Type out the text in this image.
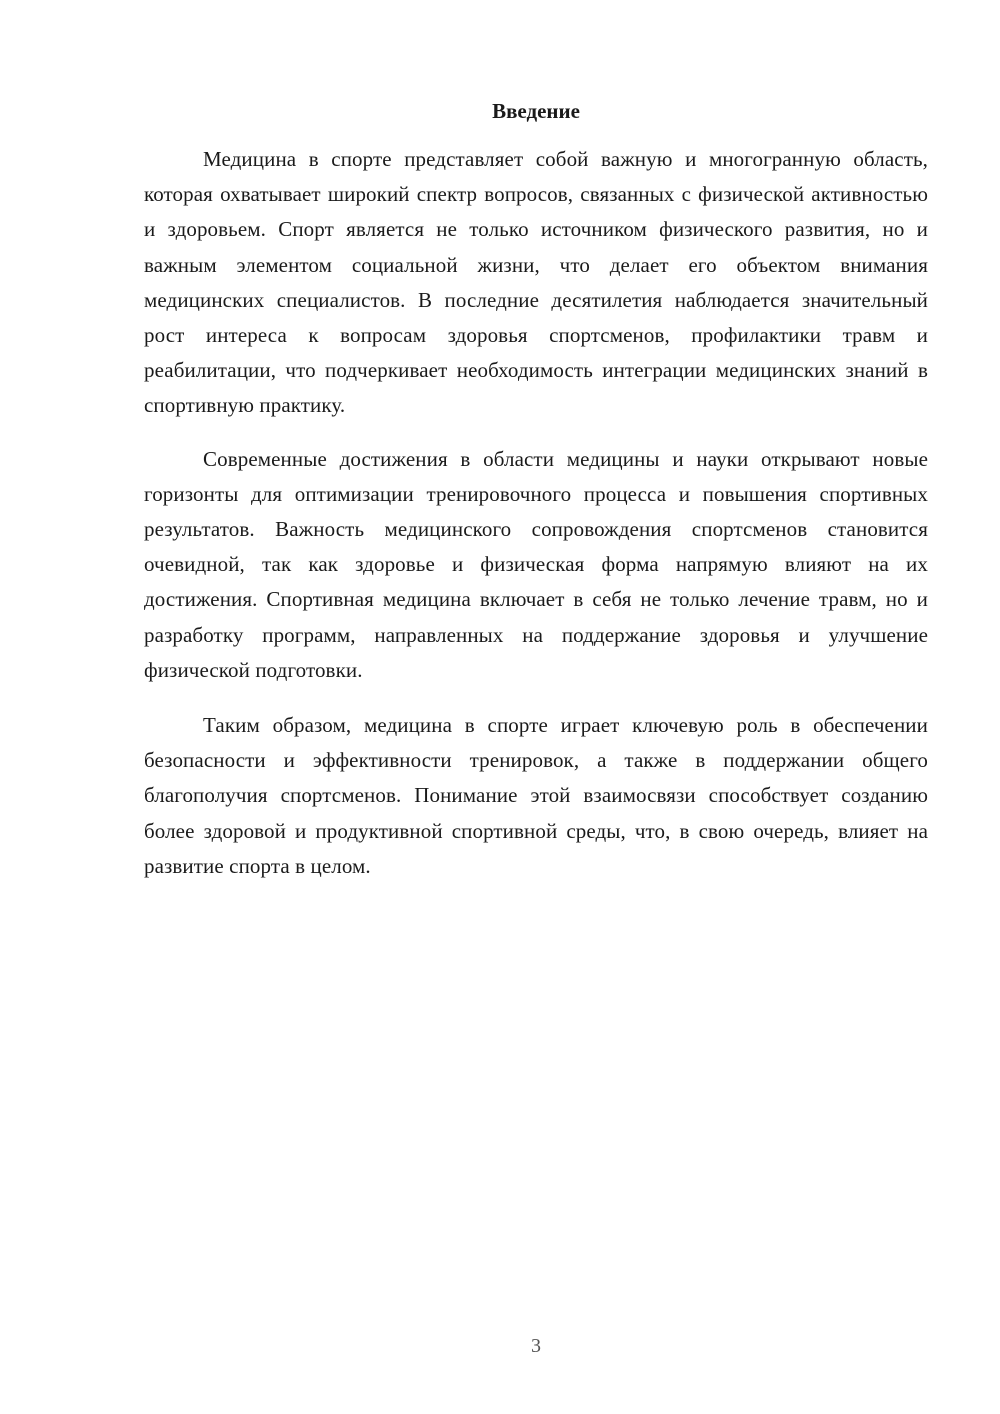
Введение

Медицина в спорте представляет собой важную и многогранную область, которая охватывает широкий спектр вопросов, связанных с физической активностью и здоровьем. Спорт является не только источником физического развития, но и важным элементом социальной жизни, что делает его объектом внимания медицинских специалистов. В последние десятилетия наблюдается значительный рост интереса к вопросам здоровья спортсменов, профилактики травм и реабилитации, что подчеркивает необходимость интеграции медицинских знаний в спортивную практику.

Современные достижения в области медицины и науки открывают новые горизонты для оптимизации тренировочного процесса и повышения спортивных результатов. Важность медицинского сопровождения спортсменов становится очевидной, так как здоровье и физическая форма напрямую влияют на их достижения. Спортивная медицина включает в себя не только лечение травм, но и разработку программ, направленных на поддержание здоровья и улучшение физической подготовки.

Таким образом, медицина в спорте играет ключевую роль в обеспечении безопасности и эффективности тренировок, а также в поддержании общего благополучия спортсменов. Понимание этой взаимосвязи способствует созданию более здоровой и продуктивной спортивной среды, что, в свою очередь, влияет на развитие спорта в целом.

3
